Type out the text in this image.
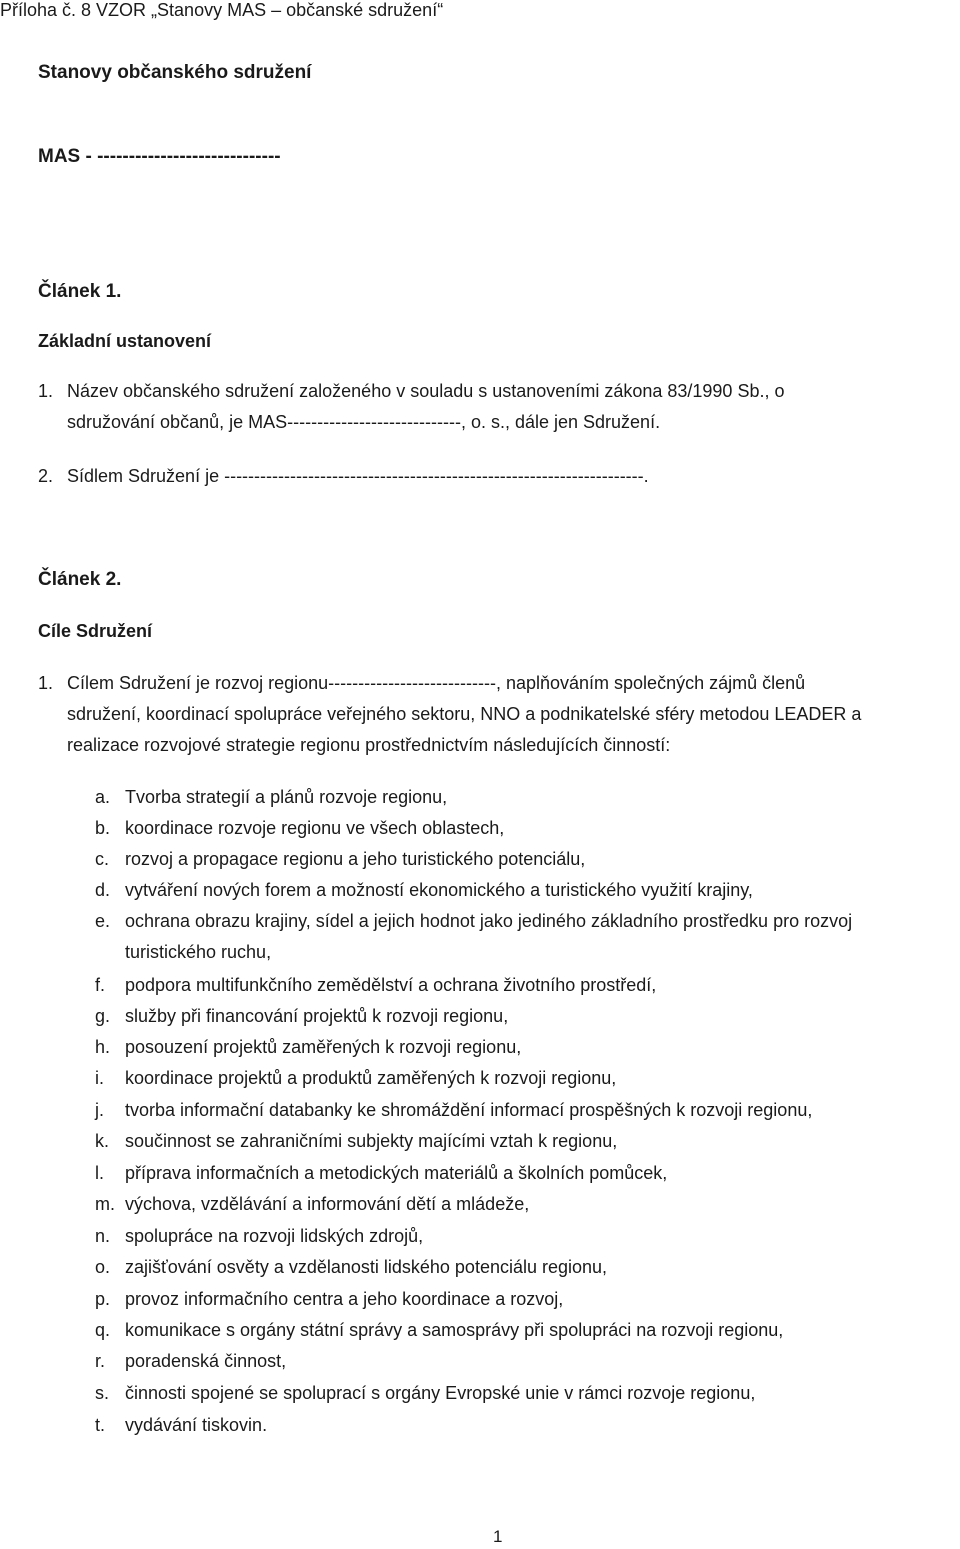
Příloha č. 8 VZOR „Stanovy MAS – občanské sdružení“
Stanovy občanského sdružení
MAS - -----------------------------
Článek 1.
Základní ustanovení
1. Název občanského sdružení založeného v souladu s ustanoveními zákona 83/1990 Sb., o
sdružování občanů, je MAS-----------------------------, o. s., dále jen Sdružení.
2. Sídlem Sdružení je ----------------------------------------------------------------------.
Článek 2.
Cíle Sdružení
1. Cílem Sdružení je rozvoj regionu----------------------------, naplňováním společných zájmů členů
sdružení, koordinací spolupráce veřejného sektoru, NNO a podnikatelské sféry metodou LEADER a
realizace rozvojové strategie regionu prostřednictvím následujících činností:
a. Tvorba strategií a plánů rozvoje regionu,
b. koordinace rozvoje regionu ve všech oblastech,
c. rozvoj a propagace regionu a jeho turistického potenciálu,
d. vytváření nových forem a možností ekonomického a turistického využití krajiny,
e. ochrana obrazu krajiny, sídel a jejich hodnot jako jediného základního prostředku pro rozvoj
turistického ruchu,
f. podpora multifunkčního zemědělství a ochrana životního prostředí,
g. služby při financování projektů k rozvoji regionu,
h. posouzení projektů zaměřených k rozvoji regionu,
i. koordinace projektů a produktů zaměřených k rozvoji regionu,
j. tvorba informační databanky ke shromáždění informací prospěšných k rozvoji regionu,
k. součinnost se zahraničními subjekty majícími vztah k regionu,
l. příprava informačních a metodických materiálů a školních pomůcek,
m. výchova, vzdělávání a informování dětí a mládeže,
n. spolupráce na rozvoji lidských zdrojů,
o. zajišťování osvěty a vzdělanosti lidského potenciálu regionu,
p. provoz informačního centra a jeho koordinace a rozvoj,
q. komunikace s orgány státní správy a samosprávy při spolupráci na rozvoji regionu,
r. poradenská činnost,
s. činnosti spojené se spoluprací s orgány Evropské unie v rámci rozvoje regionu,
t. vydávání tiskovin.
1
